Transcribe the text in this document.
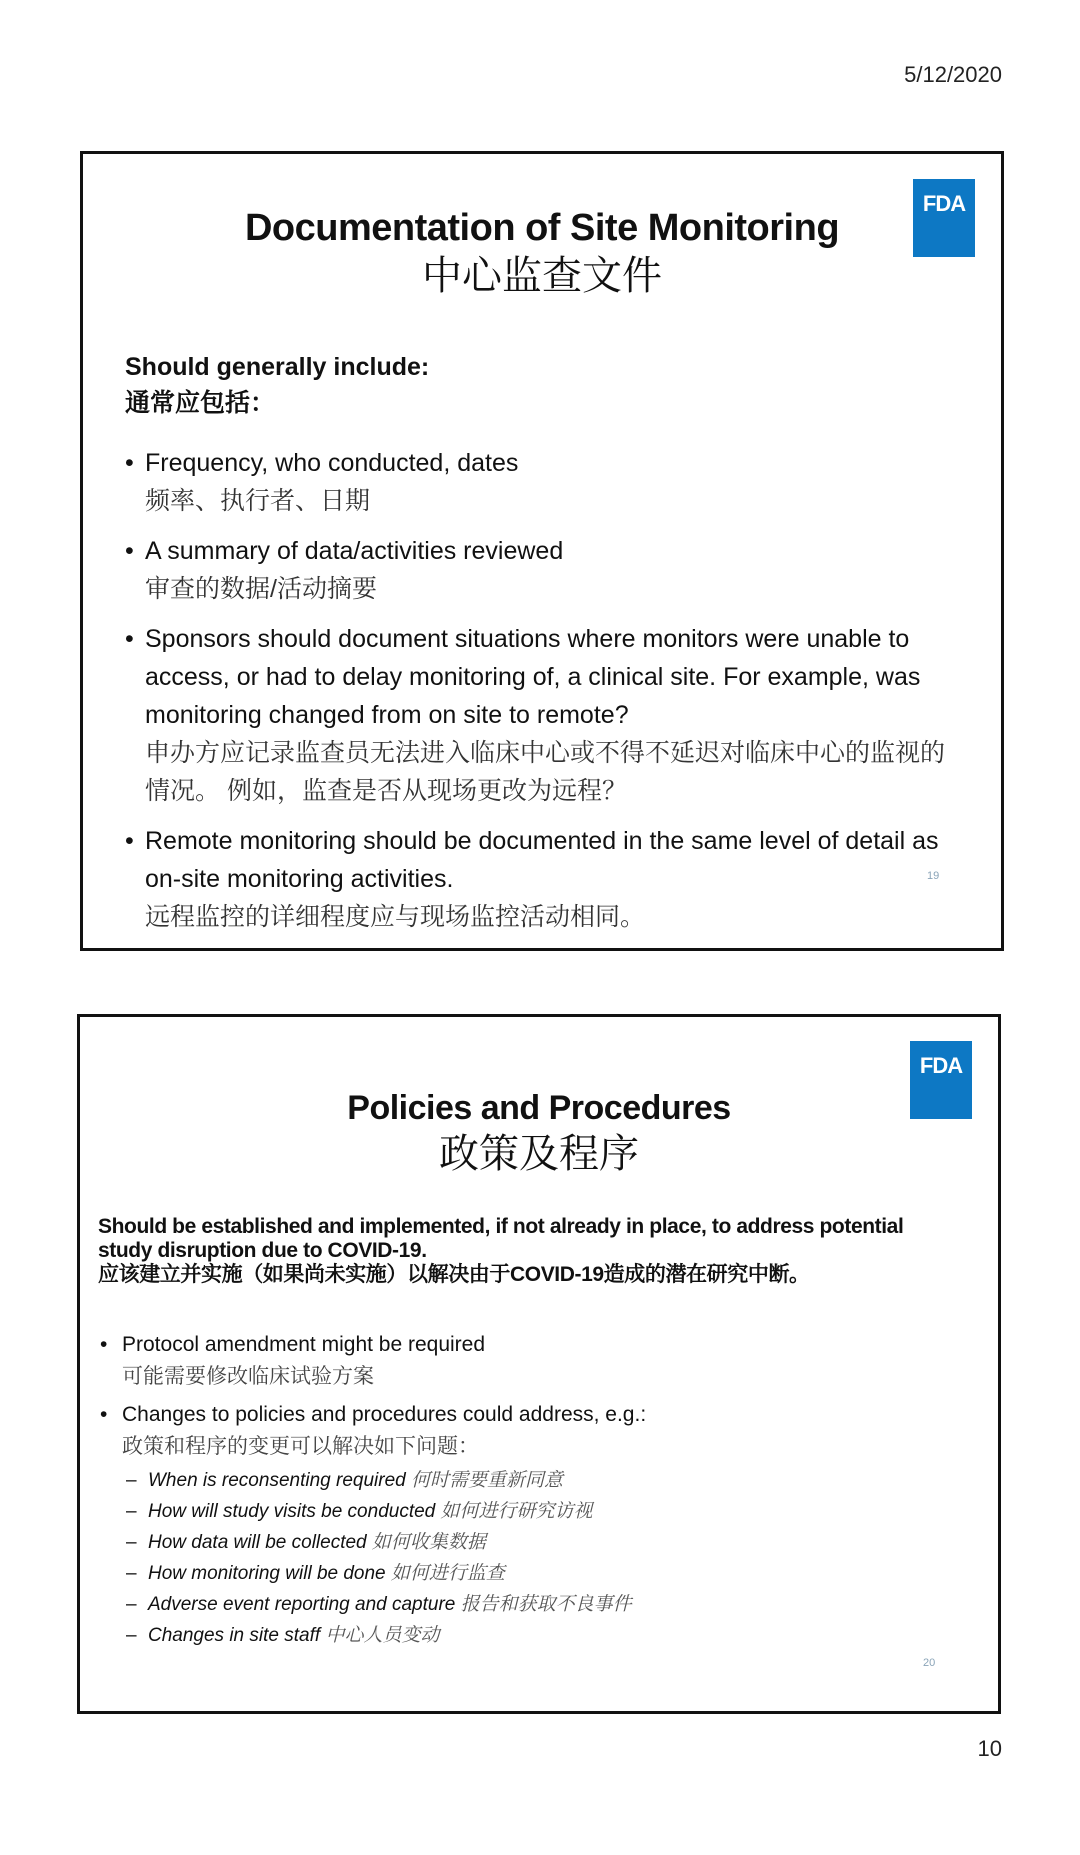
5/12/2020
FDA
Documentation of Site Monitoring
中心监查文件
Should generally include:
通常应包括：
• Frequency, who conducted, dates
频率、执行者、日期
• A summary of data/activities reviewed
审查的数据/活动摘要
• Sponsors should document situations where monitors were unable to access, or had to delay monitoring of, a clinical site. For example, was monitoring changed from on site to remote?
申办方应记录监查员无法进入临床中心或不得不延迟对临床中心的监视的情况。 例如，监查是否从现场更改为远程？
• Remote monitoring should be documented in the same level of detail as on-site monitoring activities.
远程监控的详细程度应与现场监控活动相同。
19
FDA
Policies and Procedures
政策及程序
Should be established and implemented, if not already in place, to address potential study disruption due to COVID-19.
应该建立并实施（如果尚未实施）以解决由于COVID-19造成的潜在研究中断。
• Protocol amendment might be required
可能需要修改临床试验方案
• Changes to policies and procedures could address, e.g.:
政策和程序的变更可以解决如下问题：
– When is reconsenting required 何时需要重新同意
– How will study visits be conducted 如何进行研究访视
– How data will be collected 如何收集数据
– How monitoring will be done 如何进行监查
– Adverse event reporting and capture 报告和获取不良事件
– Changes in site staff 中心人员变动
20
10
